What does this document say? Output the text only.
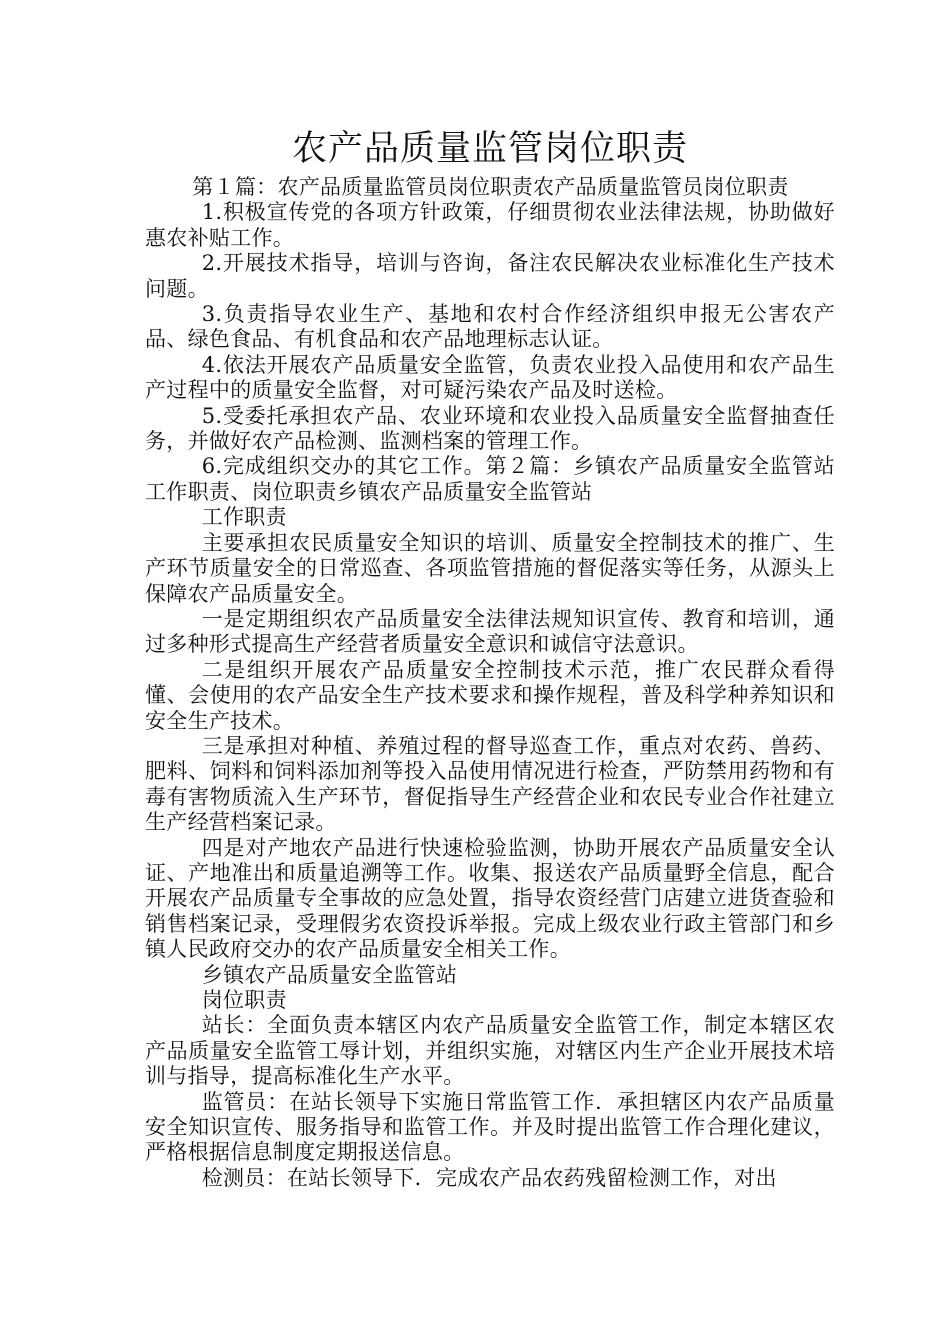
农产品质量监管岗位职责

第１篇：农产品质量监管员岗位职责农产品质量监管员岗位职责

1.积极宣传党的各项方针政策，仔细贯彻农业法律法规，协助做好惠农补贴工作。

2.开展技术指导，培训与咨询，备注农民解决农业标准化生产技术问题。

3.负责指导农业生产、基地和农村合作经济组织申报无公害农产品、绿色食品、有机食品和农产品地理标志认证。

4.依法开展农产品质量安全监管，负责农业投入品使用和农产品生产过程中的质量安全监督，对可疑污染农产品及时送检。

5.受委托承担农产品、农业环境和农业投入品质量安全监督抽查任务，并做好农产品检测、监测档案的管理工作。

6.完成组织交办的其它工作。第２篇：乡镇农产品质量安全监管站工作职责、岗位职责乡镇农产品质量安全监管站

工作职责

主要承担农民质量安全知识的培训、质量安全控制技术的推广、生产环节质量安全的日常巡查、各项监管措施的督促落实等任务，从源头上保障农产品质量安全。

一是定期组织农产品质量安全法律法规知识宣传、教育和培训，通过多种形式提高生产经营者质量安全意识和诚信守法意识。

二是组织开展农产品质量安全控制技术示范，推广农民群众看得懂、会使用的农产品安全生产技术要求和操作规程，普及科学种养知识和安全生产技术。

三是承担对种植、养殖过程的督导巡查工作，重点对农药、兽药、肥料、饲料和饲料添加剂等投入品使用情况进行检查，严防禁用药物和有毒有害物质流入生产环节，督促指导生产经营企业和农民专业合作社建立生产经营档案记录。

四是对产地农产品进行快速检验监测，协助开展农产品质量安全认证、产地准出和质量追溯等工作。收集、报送农产品质量野全信息，配合开展农产品质量专全事故的应急处置，指导农资经营门店建立进货查验和销售档案记录，受理假劣农资投诉举报。完成上级农业行政主管部门和乡镇人民政府交办的农产品质量安全相关工作。

乡镇农产品质量安全监管站

岗位职责

站长：全面负责本辖区内农产品质量安全监管工作，制定本辖区农产品质量安全监管工辱计划，并组织实施，对辖区内生产企业开展技术培训与指导，提高标准化生产水平。

监管员：在站长领导下实施日常监管工作．承担辖区内农产品质量安全知识宣传、服务指导和监管工作。并及时提出监管工作合理化建议，严格根据信息制度定期报送信息。

检测员：在站长领导下．完成农产品农药残留检测工作，对出
